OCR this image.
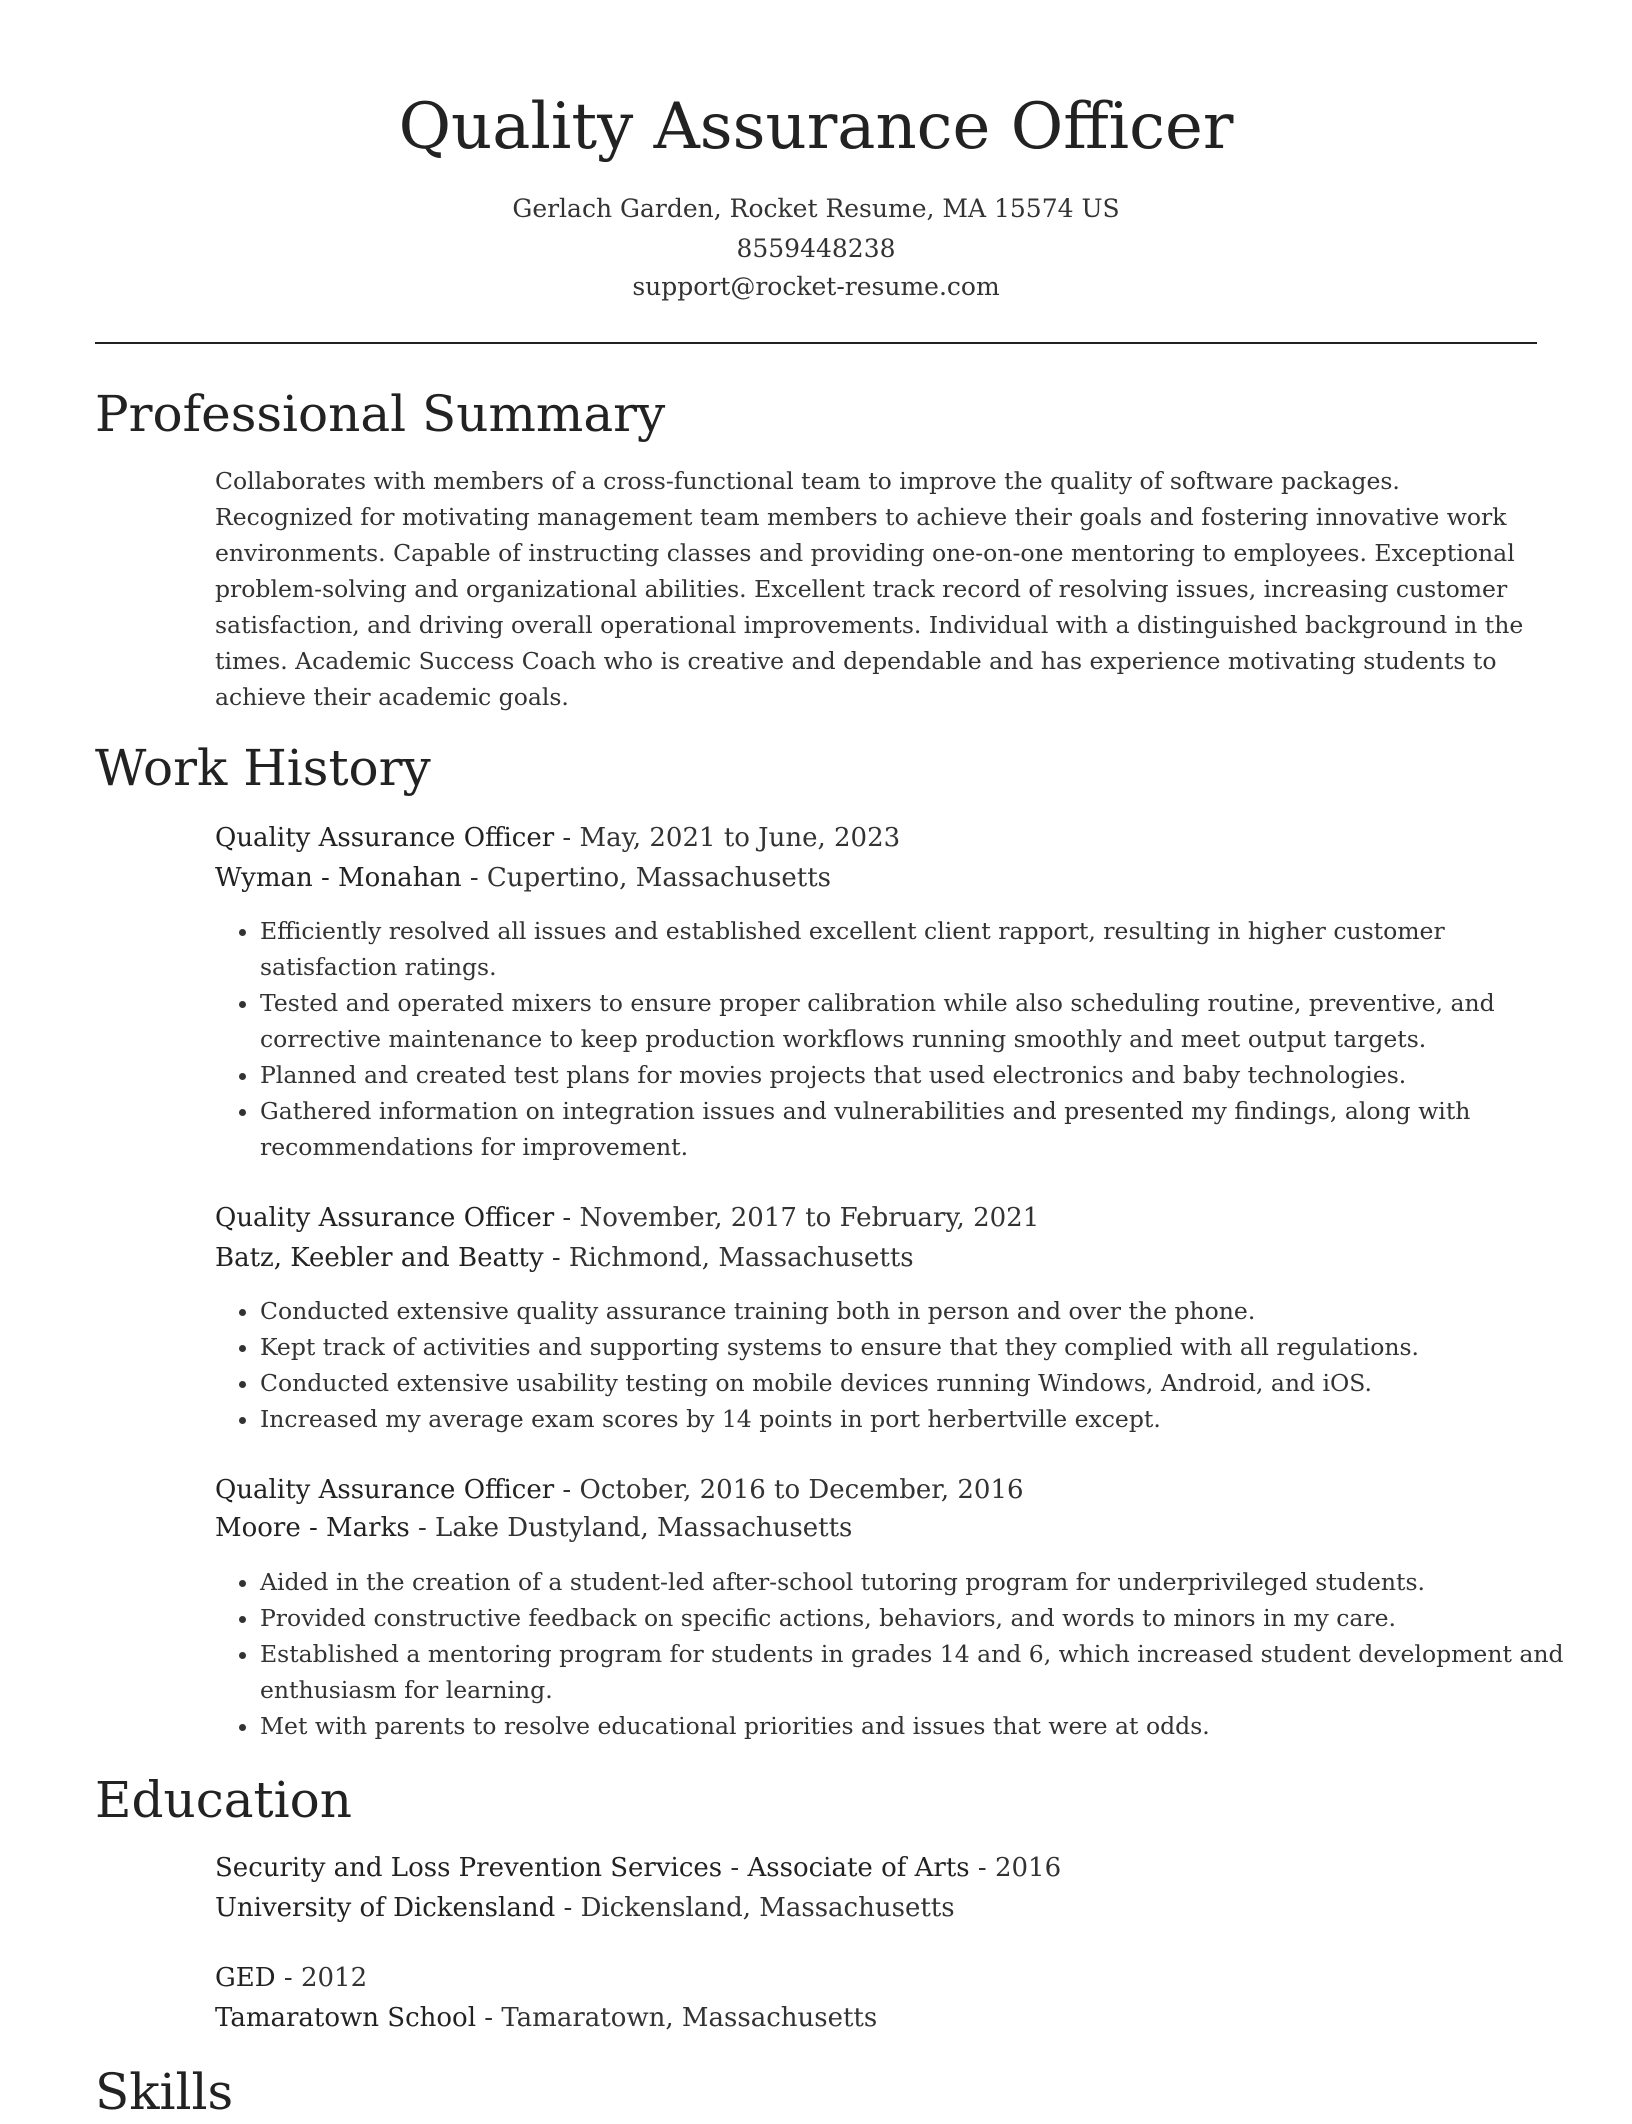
Quality Assurance Officer
Gerlach Garden, Rocket Resume, MA 15574 US
8559448238
support@rocket-resume.com
Professional Summary

Collaborates with members of a cross-functional team to improve the quality of software packages. Recognized for motivating management team members to achieve their goals and fostering innovative work environments. Capable of instructing classes and providing one-on-one mentoring to employees. Exceptional problem-solving and organizational abilities. Excellent track record of resolving issues, increasing customer satisfaction, and driving overall operational improvements. Individual with a distinguished background in the times. Academic Success Coach who is creative and dependable and has experience motivating students to achieve their academic goals.

Work History
Quality Assurance Officer - May, 2021 to June, 2023
Wyman - Monahan - Cupertino, Massachusetts
• Efficiently resolved all issues and established excellent client rapport, resulting in higher customer satisfaction ratings.
• Tested and operated mixers to ensure proper calibration while also scheduling routine, preventive, and corrective maintenance to keep production workflows running smoothly and meet output targets.
• Planned and created test plans for movies projects that used electronics and baby technologies.
• Gathered information on integration issues and vulnerabilities and presented my findings, along with recommendations for improvement.
Quality Assurance Officer - November, 2017 to February, 2021
Batz, Keebler and Beatty - Richmond, Massachusetts
• Conducted extensive quality assurance training both in person and over the phone.
• Kept track of activities and supporting systems to ensure that they complied with all regulations.
• Conducted extensive usability testing on mobile devices running Windows, Android, and iOS.
• Increased my average exam scores by 14 points in port herbertville except.
Quality Assurance Officer - October, 2016 to December, 2016
Moore - Marks - Lake Dustyland, Massachusetts
• Aided in the creation of a student-led after-school tutoring program for underprivileged students.
• Provided constructive feedback on specific actions, behaviors, and words to minors in my care.
• Established a mentoring program for students in grades 14 and 6, which increased student development and enthusiasm for learning.
• Met with parents to resolve educational priorities and issues that were at odds.
Education
Security and Loss Prevention Services - Associate of Arts - 2016
University of Dickensland - Dickensland, Massachusetts
GED - 2012
Tamaratown School - Tamaratown, Massachusetts
Skills
